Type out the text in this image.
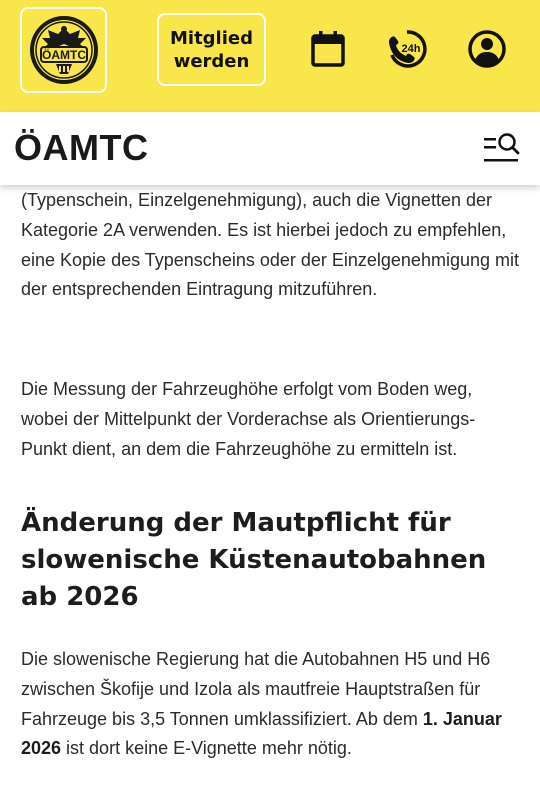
ÖAMTC
Mitglied
werden
24h
ÖAMTC

(Typenschein, Einzelgenehmigung), auch die Vignetten der Kategorie 2A verwenden. Es ist hierbei jedoch zu empfehlen, eine Kopie des Typenscheins oder der Einzelgenehmigung mit der entsprechenden Eintragung mitzuführen.

Die Messung der Fahrzeughöhe erfolgt vom Boden weg, wobei der Mittelpunkt der Vorderachse als Orientierungs-Punkt dient, an dem die Fahrzeughöhe zu ermitteln ist.

Änderung der Mautpflicht für slowenische Küstenautobahnen ab 2026

Die slowenische Regierung hat die Autobahnen H5 und H6 zwischen Škofije und Izola als mautfreie Hauptstraßen für Fahrzeuge bis 3,5 Tonnen umklassifiziert. Ab dem 1. Januar 2026 ist dort keine E-Vignette mehr nötig.
